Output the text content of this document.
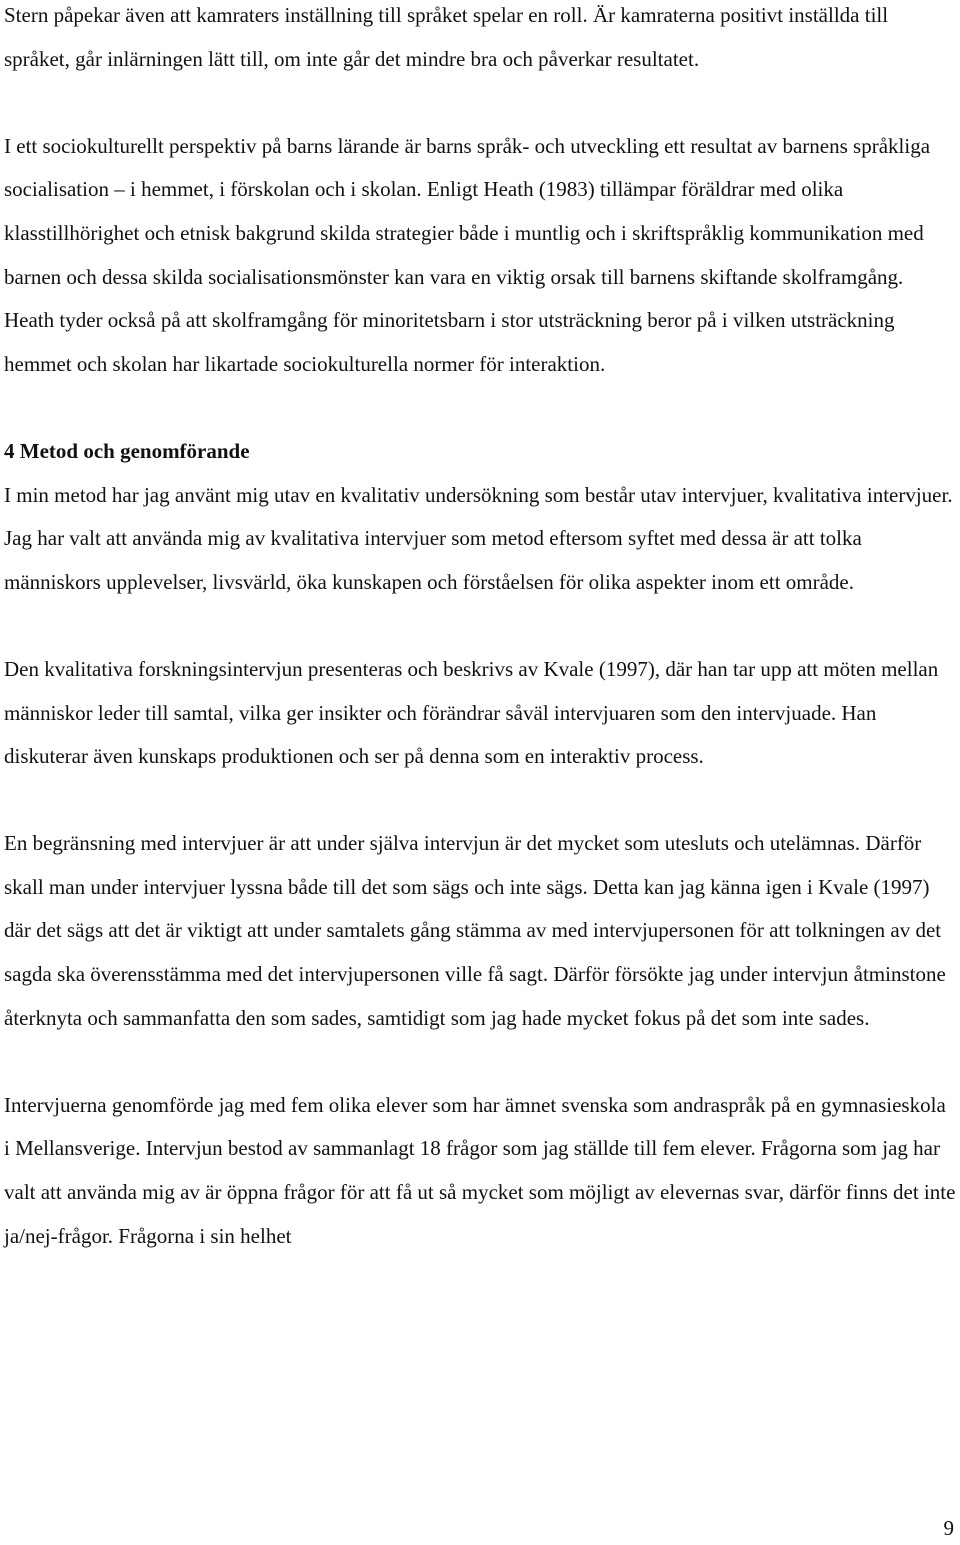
Stern påpekar även att kamraters inställning till språket spelar en roll. Är kamraterna positivt inställda till språket, går inlärningen lätt till, om inte går det mindre bra och påverkar resultatet.

I ett sociokulturellt perspektiv på barns lärande är barns språk- och utveckling ett resultat av barnens språkliga socialisation – i hemmet, i förskolan och i skolan. Enligt Heath (1983) tillämpar föräldrar med olika klasstillhörighet och etnisk bakgrund skilda strategier både i muntlig och i skriftspråklig kommunikation med barnen och dessa skilda socialisationsmönster kan vara en viktig orsak till barnens skiftande skolframgång. Heath tyder också på att skolframgång för minoritetsbarn i stor utsträckning beror på i vilken utsträckning hemmet och skolan har likartade sociokulturella normer för interaktion.

4 Metod och genomförande

I min metod har jag använt mig utav en kvalitativ undersökning som består utav intervjuer, kvalitativa intervjuer. Jag har valt att använda mig av kvalitativa intervjuer som metod eftersom syftet med dessa är att tolka människors upplevelser, livsvärld, öka kunskapen och förståelsen för olika aspekter inom ett område.

Den kvalitativa forskningsintervjun presenteras och beskrivs av Kvale (1997), där han tar upp att möten mellan människor leder till samtal, vilka ger insikter och förändrar såväl intervjuaren som den intervjuade. Han diskuterar även kunskaps produktionen och ser på denna som en interaktiv process.

En begränsning med intervjuer är att under själva intervjun är det mycket som utesluts och utelämnas. Därför skall man under intervjuer lyssna både till det som sägs och inte sägs. Detta kan jag känna igen i Kvale (1997) där det sägs att det är viktigt att under samtalets gång stämma av med intervjupersonen för att tolkningen av det sagda ska överensstämma med det intervjupersonen ville få sagt. Därför försökte jag under intervjun åtminstone återknyta och sammanfatta den som sades, samtidigt som jag hade mycket fokus på det som inte sades.

Intervjuerna genomförde jag med fem olika elever som har ämnet svenska som andraspråk på en gymnasieskola i Mellansverige. Intervjun bestod av sammanlagt 18 frågor som jag ställde till fem elever. Frågorna som jag har valt att använda mig av är öppna frågor för att få ut så mycket som möjligt av elevernas svar, därför finns det inte ja/nej-frågor. Frågorna i sin helhet

9
